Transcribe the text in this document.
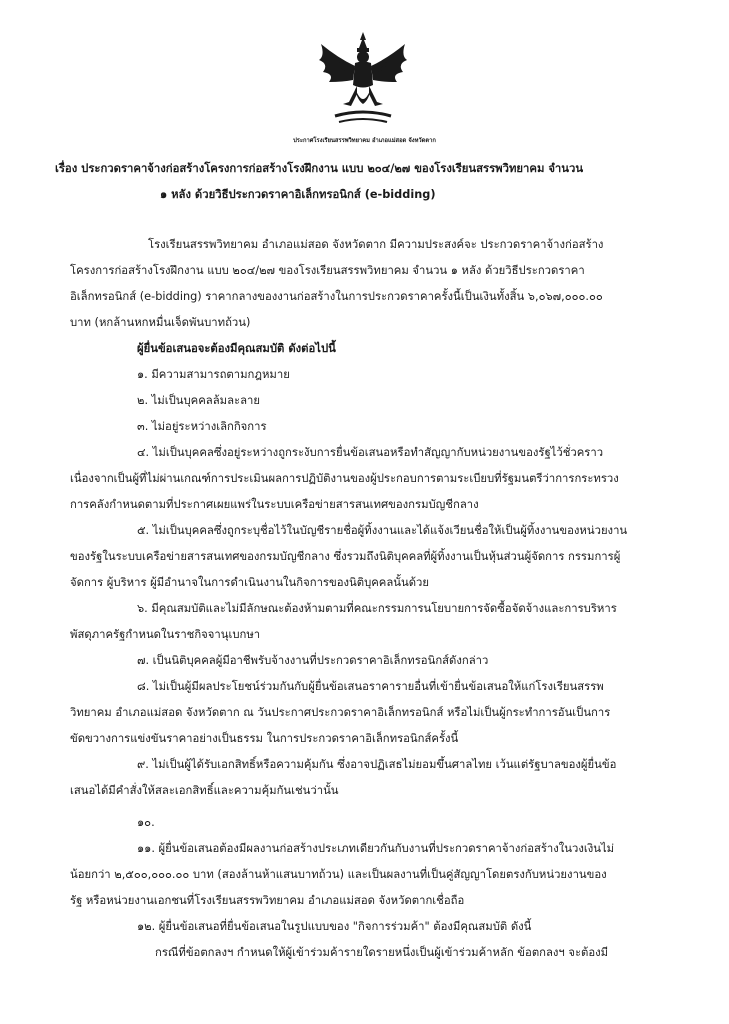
ประกาศโรงเรียนสรรพวิทยาคม อำเภอแม่สอด จังหวัดตาก
เรื่อง ประกวดราคาจ้างก่อสร้างโครงการก่อสร้างโรงฝึกงาน แบบ ๒๐๔/๒๗ ของโรงเรียนสรรพวิทยาคม จำนวน
๑ หลัง ด้วยวิธีประกวดราคาอิเล็กทรอนิกส์ (e-bidding)
โรงเรียนสรรพวิทยาคม อำเภอแม่สอด จังหวัดตาก มีความประสงค์จะ ประกวดราคาจ้างก่อสร้าง
โครงการก่อสร้างโรงฝึกงาน แบบ ๒๐๔/๒๗ ของโรงเรียนสรรพวิทยาคม จำนวน ๑ หลัง ด้วยวิธีประกวดราคา
อิเล็กทรอนิกส์ (e-bidding) ราคากลางของงานก่อสร้างในการประกวดราคาครั้งนี้เป็นเงินทั้งสิ้น ๖,๐๖๗,๐๐๐.๐๐
บาท (หกล้านหกหมื่นเจ็ดพันบาทถ้วน)
ผู้ยื่นข้อเสนอจะต้องมีคุณสมบัติ ดังต่อไปนี้
๑. มีความสามารถตามกฎหมาย
๒. ไม่เป็นบุคคลล้มละลาย
๓. ไม่อยู่ระหว่างเลิกกิจการ
๔. ไม่เป็นบุคคลซึ่งอยู่ระหว่างถูกระงับการยื่นข้อเสนอหรือทำสัญญากับหน่วยงานของรัฐไว้ชั่วคราว
เนื่องจากเป็นผู้ที่ไม่ผ่านเกณฑ์การประเมินผลการปฏิบัติงานของผู้ประกอบการตามระเบียบที่รัฐมนตรีว่าการกระทรวง
การคลังกำหนดตามที่ประกาศเผยแพร่ในระบบเครือข่ายสารสนเทศของกรมบัญชีกลาง
๕. ไม่เป็นบุคคลซึ่งถูกระบุชื่อไว้ในบัญชีรายชื่อผู้ทิ้งงานและได้แจ้งเวียนชื่อให้เป็นผู้ทิ้งงานของหน่วยงาน
ของรัฐในระบบเครือข่ายสารสนเทศของกรมบัญชีกลาง ซึ่งรวมถึงนิติบุคคลที่ผู้ทิ้งงานเป็นหุ้นส่วนผู้จัดการ กรรมการผู้
จัดการ ผู้บริหาร ผู้มีอำนาจในการดำเนินงานในกิจการของนิติบุคคลนั้นด้วย
๖. มีคุณสมบัติและไม่มีลักษณะต้องห้ามตามที่คณะกรรมการนโยบายการจัดซื้อจัดจ้างและการบริหาร
พัสดุภาครัฐกำหนดในราชกิจจานุเบกษา
๗. เป็นนิติบุคคลผู้มีอาชีพรับจ้างงานที่ประกวดราคาอิเล็กทรอนิกส์ดังกล่าว
๘. ไม่เป็นผู้มีผลประโยชน์ร่วมกันกับผู้ยื่นข้อเสนอราคารายอื่นที่เข้ายื่นข้อเสนอให้แก่โรงเรียนสรรพ
วิทยาคม อำเภอแม่สอด จังหวัดตาก ณ วันประกาศประกวดราคาอิเล็กทรอนิกส์ หรือไม่เป็นผู้กระทำการอันเป็นการ
ขัดขวางการแข่งขันราคาอย่างเป็นธรรม ในการประกวดราคาอิเล็กทรอนิกส์ครั้งนี้
๙. ไม่เป็นผู้ได้รับเอกสิทธิ์หรือความคุ้มกัน ซึ่งอาจปฏิเสธไม่ยอมขึ้นศาลไทย เว้นแต่รัฐบาลของผู้ยื่นข้อ
เสนอได้มีคำสั่งให้สละเอกสิทธิ์และความคุ้มกันเช่นว่านั้น
๑๐.
๑๑. ผู้ยื่นข้อเสนอต้องมีผลงานก่อสร้างประเภทเดียวกันกับงานที่ประกวดราคาจ้างก่อสร้างในวงเงินไม่
น้อยกว่า ๒,๕๐๐,๐๐๐.๐๐ บาท (สองล้านห้าแสนบาทถ้วน) และเป็นผลงานที่เป็นคู่สัญญาโดยตรงกับหน่วยงานของ
รัฐ หรือหน่วยงานเอกชนที่โรงเรียนสรรพวิทยาคม อำเภอแม่สอด จังหวัดตากเชื่อถือ
๑๒. ผู้ยื่นข้อเสนอที่ยื่นข้อเสนอในรูปแบบของ "กิจการร่วมค้า" ต้องมีคุณสมบัติ ดังนี้
กรณีที่ข้อตกลงฯ กำหนดให้ผู้เข้าร่วมค้ารายใดรายหนึ่งเป็นผู้เข้าร่วมค้าหลัก ข้อตกลงฯ จะต้องมี
